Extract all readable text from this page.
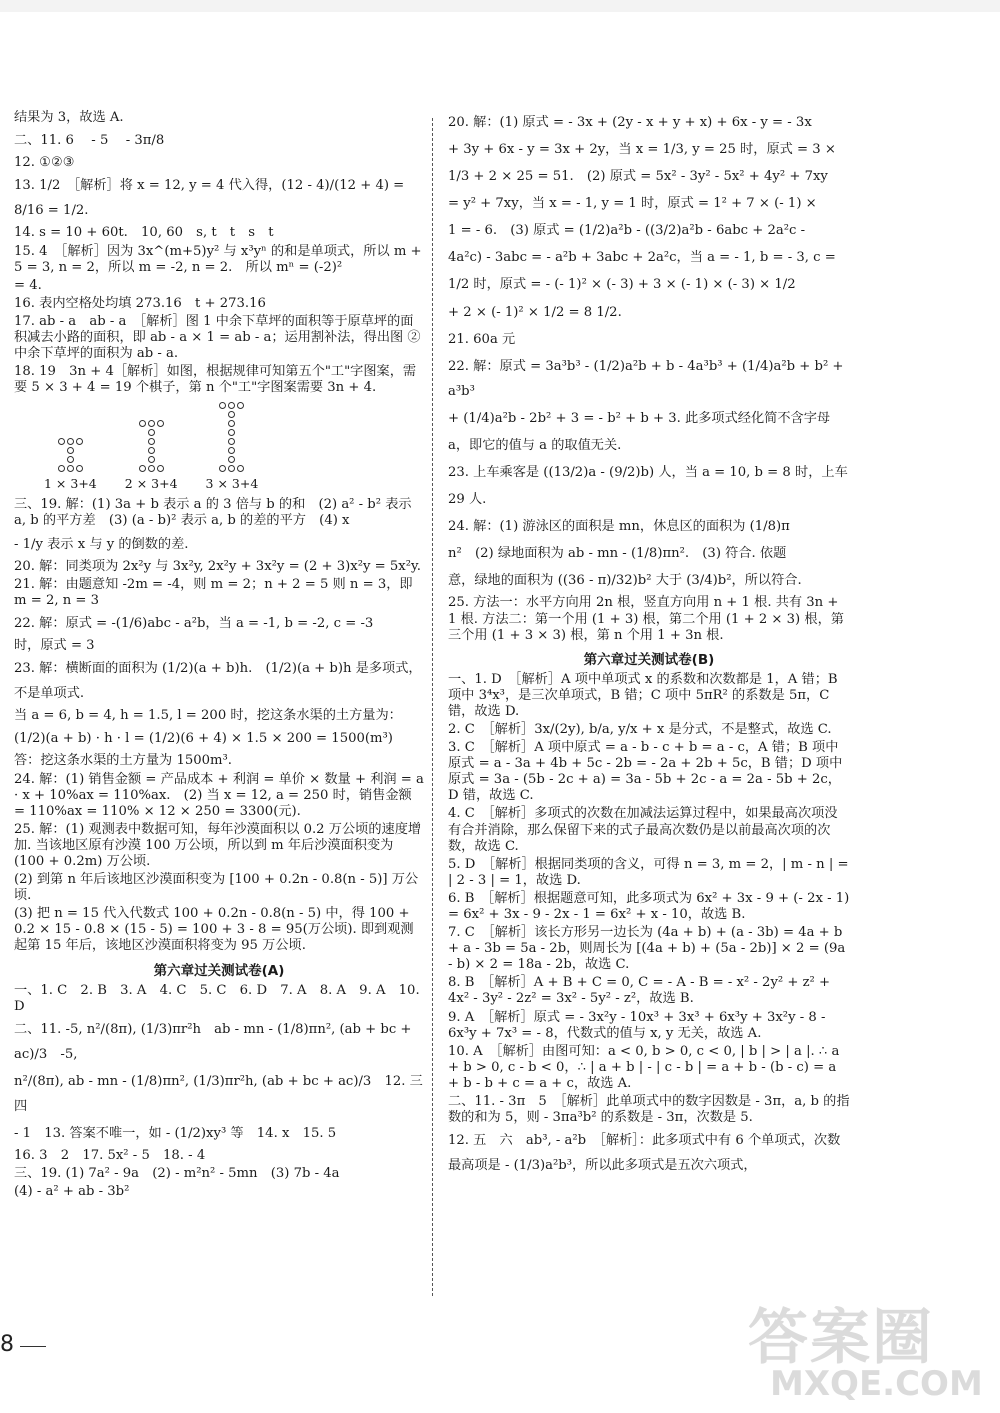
结果为 3，故选 A.
二、11. 6　 - 5　 - 3π/8
12. ①②③
13. 1/2　［解析］将 x = 12, y = 4 代入得，(12 - 4)/(12 + 4) = 8/16 = 1/2.
14. s = 10 + 60t.　10, 60　s, t　t　s　t
15. 4　［解析］因为 3x^(m+5)y² 与 x³yⁿ 的和是单项式，所以 m + 5 = 3, n = 2，所以 m = -2, n = 2.　所以 mⁿ = (-2)²
= 4.
16. 表内空格处均填 273.16　t + 273.16
17. ab - a　ab - a　［解析］图 1 中余下草坪的面积等于原草坪的面积减去小路的面积，即 ab - a × 1 = ab - a；运用割补法，得出图 ② 中余下草坪的面积为 ab - a.
18. 19　3n + 4［解析］如图，根据规律可知第五个"工"字图案，需要 5 × 3 + 4 = 19 个棋子，第 n 个"工"字图案需要 3n + 4.
1 × 3+4 2 × 3+4 3 × 3+4
三、19. 解：(1) 3a + b 表示 a 的 3 倍与 b 的和　(2) a² - b² 表示 a, b 的平方差　(3) (a - b)² 表示 a, b 的差的平方　(4) x
- 1/y 表示 x 与 y 的倒数的差.
20. 解：同类项为 2x²y 与 3x²y, 2x²y + 3x²y = (2 + 3)x²y = 5x²y.
21. 解：由题意知 -2m = -4，则 m = 2；n + 2 = 5 则 n = 3，即 m = 2, n = 3
22. 解：原式 = -(1/6)abc - a²b，当 a = -1, b = -2, c = -3
时，原式 = 3
23. 解：横断面的面积为 (1/2)(a + b)h.　(1/2)(a + b)h 是多项式，不是单项式.
当 a = 6, b = 4, h = 1.5, l = 200 时，挖这条水渠的土方量为：
(1/2)(a + b) · h · l = (1/2)(6 + 4) × 1.5 × 200 = 1500(m³)
答：挖这条水渠的土方量为 1500m³.
24. 解：(1) 销售金额 = 产品成本 + 利润 = 单价 × 数量 + 利润 = a · x + 10%ax = 110%ax.　(2) 当 x = 12, a = 250 时，销售金额 = 110%ax = 110% × 12 × 250 = 3300(元).
25. 解：(1) 观测表中数据可知，每年沙漠面积以 0.2 万公顷的速度增加. 当该地区原有沙漠 100 万公顷，所以到 m 年后沙漠面积变为 (100 + 0.2m) 万公顷.
(2) 到第 n 年后该地区沙漠面积变为 [100 + 0.2n - 0.8(n - 5)] 万公顷.
(3) 把 n = 15 代入代数式 100 + 0.2n - 0.8(n - 5) 中，得 100 + 0.2 × 15 - 0.8 × (15 - 5) = 100 + 3 - 8 = 95(万公顷). 即到观测起第 15 年后，该地区沙漠面积将变为 95 万公顷.
第六章过关测试卷(A)
一、1. C　2. B　3. A　4. C　5. C　6. D　7. A　8. A　9. A　10. D
二、11. -5, n²/(8π), (1/3)πr²h　ab - mn - (1/8)πn², (ab + bc + ac)/3　-5,
n²/(8π), ab - mn - (1/8)πn², (1/3)πr²h, (ab + bc + ac)/3　12. 三　四
- 1　13. 答案不唯一，如 - (1/2)xy³ 等　14. x　15. 5
16. 3　2　17. 5x² - 5　18. - 4
三、19. (1) 7a² - 9a　(2) - m²n² - 5mn　(3) 7b - 4a
(4) - a² + ab - 3b²
20. 解：(1) 原式 = - 3x + (2y - x + y + x) + 6x - y = - 3x
+ 3y + 6x - y = 3x + 2y，当 x = 1/3, y = 25 时，原式 = 3 ×
1/3 + 2 × 25 = 51.　(2) 原式 = 5x² - 3y² - 5x² + 4y² + 7xy
= y² + 7xy，当 x = - 1, y = 1 时，原式 = 1² + 7 × (- 1) ×
1 = - 6.　(3) 原式 = (1/2)a²b - ((3/2)a²b - 6abc + 2a²c -
4a²c) - 3abc = - a²b + 3abc + 2a²c，当 a = - 1, b = - 3, c =
1/2 时，原式 = - (- 1)² × (- 3) + 3 × (- 1) × (- 3) × 1/2
+ 2 × (- 1)² × 1/2 = 8 1/2.
21. 60a 元
22. 解：原式 = 3a³b³ - (1/2)a²b + b - 4a³b³ + (1/4)a²b + b² + a³b³
+ (1/4)a²b - 2b² + 3 = - b² + b + 3. 此多项式经化简不含字母
a，即它的值与 a 的取值无关.
23. 上车乘客是 ((13/2)a - (9/2)b) 人，当 a = 10, b = 8 时，上车
29 人.
24. 解：(1) 游泳区的面积是 mn，休息区的面积为 (1/8)π
n²　(2) 绿地面积为 ab - mn - (1/8)πn².　(3) 符合. 依题
意，绿地的面积为 ((36 - π)/32)b² 大于 (3/4)b²，所以符合.
25. 方法一：水平方向用 2n 根，竖直方向用 n + 1 根. 共有 3n + 1 根. 方法二：第一个用 (1 + 3) 根，第二个用 (1 + 2 × 3) 根，第三个用 (1 + 3 × 3) 根，第 n 个用 1 + 3n 根.
第六章过关测试卷(B)
一、1. D　［解析］A 项中单项式 x 的系数和次数都是 1，A 错；B 项中 3⁴x³，是三次单项式，B 错；C 项中 5πR² 的系数是 5π，C 错，故选 D.
2. C　［解析］3x/(2y), b/a, y/x + x 是分式，不是整式，故选 C.
3. C　［解析］A 项中原式 = a - b - c + b = a - c，A 错；B 项中原式 = a - 3a + 4b + 5c - 2b = - 2a + 2b + 5c，B 错；D 项中原式 = 3a - (5b - 2c + a) = 3a - 5b + 2c - a = 2a - 5b + 2c，D 错，故选 C.
4. C　［解析］多项式的次数在加减法运算过程中，如果最高次项没有合并消除，那么保留下来的式子最高次数仍是以前最高次项的次数，故选 C.
5. D　［解析］根据同类项的含义，可得 n = 3, m = 2，| m - n | = | 2 - 3 | = 1，故选 D.
6. B　［解析］根据题意可知，此多项式为 6x² + 3x - 9 + (- 2x - 1) = 6x² + 3x - 9 - 2x - 1 = 6x² + x - 10，故选 B.
7. C　［解析］该长方形另一边长为 (4a + b) + (a - 3b) = 4a + b + a - 3b = 5a - 2b，则周长为 [(4a + b) + (5a - 2b)] × 2 = (9a - b) × 2 = 18a - 2b，故选 C.
8. B　［解析］A + B + C = 0, C = - A - B = - x² - 2y² + z² + 4x² - 3y² - 2z² = 3x² - 5y² - z²，故选 B.
9. A　［解析］原式 = - 3x²y - 10x³ + 3x³ + 6x³y + 3x²y - 8 - 6x³y + 7x³ = - 8，代数式的值与 x, y 无关，故选 A.
10. A　［解析］由图可知：a < 0, b > 0, c < 0, | b | > | a |. ∴ a + b > 0, c - b < 0，∴ | a + b | - | c - b | = a + b - (b - c) = a + b - b + c = a + c，故选 A.
二、11. - 3π　5　［解析］此单项式中的数字因数是 - 3π，a, b 的指数的和为 5，则 - 3πa³b² 的系数是 - 3π，次数是 5.
12. 五　六　ab³, - a²b　［解析］：此多项式中有 6 个单项式，次数最高项是 - (1/3)a²b³，所以此多项式是五次六项式，
8	答案圈
MXQE.COM
